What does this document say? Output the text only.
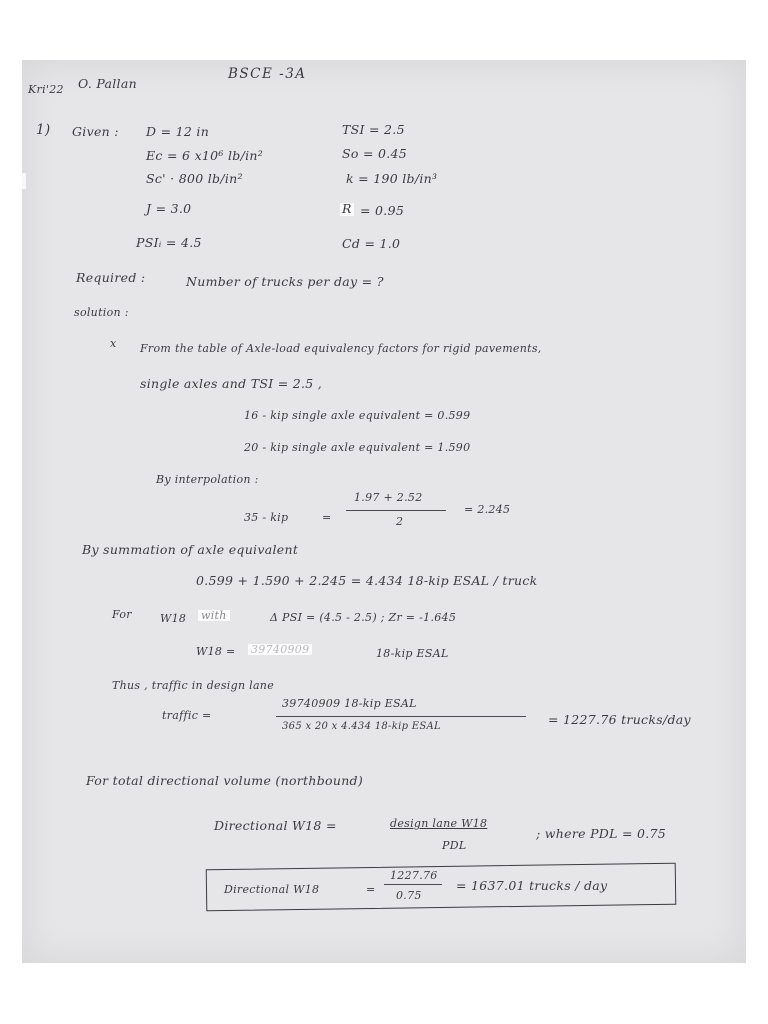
Kri'22 O. Pallan
BSCE -3A
1) Given : D = 12 in
Ec = 6 x10⁶ lb/in²
Sc' · 800 lb/in²
J = 3.0
PSIᵢ = 4.5
TSI = 2.5
So = 0.45
k = 190 lb/in³
R = 0.95
Cd = 1.0
Required :	Number of trucks per day = ?
solution :
x From the table of Axle-load equivalency factors for rigid pavements,
single axles and TSI = 2.5 ,
16 - kip single axle equivalent = 0.599
20 - kip single axle equivalent = 1.590
By interpolation :
35 - kip	=
1.97 + 2.52
2
= 2.245
By summation of axle equivalent
0.599 + 1.590 + 2.245 = 4.434 18-kip ESAL / truck
For	W18 with	Δ PSI = (4.5 - 2.5) ; Zr = -1.645
W18 = 39740909	18-kip ESAL
Thus , traffic in design lane
traffic =
39740909 18-kip ESAL
365 x 20 x 4.434 18-kip ESAL	= 1227.76 trucks/day
For total directional volume (northbound)
Directional W18 =	design lane W18
PDL
; where PDL = 0.75
Directional W18	=
1227.76
0.75
= 1637.01 trucks / day
